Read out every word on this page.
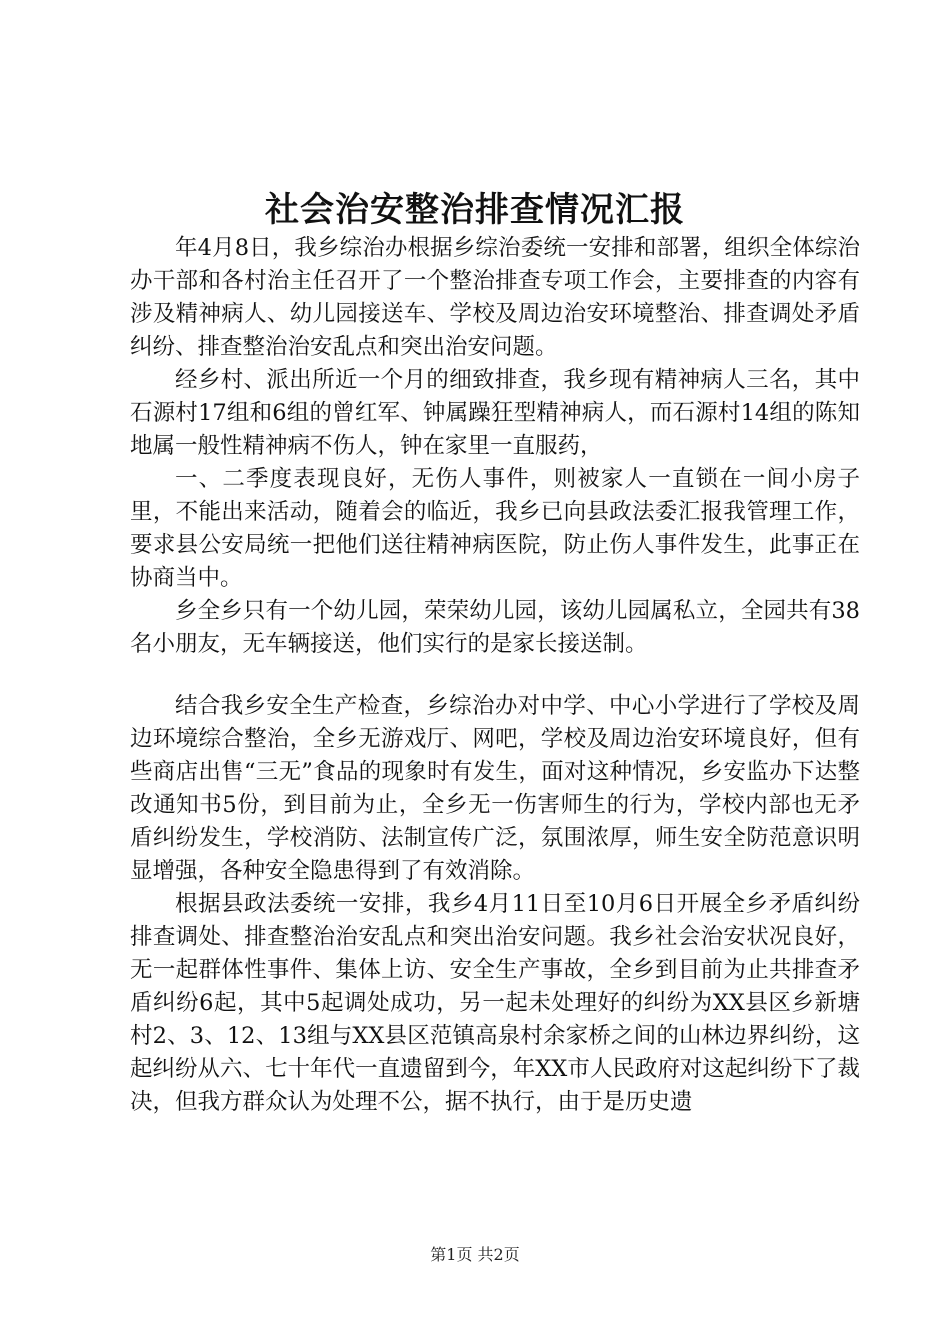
社会治安整治排查情况汇报

年4月8日，我乡综治办根据乡综治委统一安排和部署，组织全体综治办干部和各村治主任召开了一个整治排查专项工作会，主要排查的内容有涉及精神病人、幼儿园接送车、学校及周边治安环境整治、排查调处矛盾纠纷、排查整治治安乱点和突出治安问题。

经乡村、派出所近一个月的细致排查，我乡现有精神病人三名，其中石源村17组和6组的曾红军、钟属躁狂型精神病人，而石源村14组的陈知地属一般性精神病不伤人，钟在家里一直服药，

一、二季度表现良好，无伤人事件，则被家人一直锁在一间小房子里，不能出来活动，随着会的临近，我乡已向县政法委汇报我管理工作，要求县公安局统一把他们送往精神病医院，防止伤人事件发生，此事正在协商当中。

乡全乡只有一个幼儿园，荣荣幼儿园，该幼儿园属私立，全园共有38名小朋友，无车辆接送，他们实行的是家长接送制。

结合我乡安全生产检查，乡综治办对中学、中心小学进行了学校及周边环境综合整治，全乡无游戏厅、网吧，学校及周边治安环境良好，但有些商店出售“三无”食品的现象时有发生，面对这种情况，乡安监办下达整改通知书5份，到目前为止，全乡无一伤害师生的行为，学校内部也无矛盾纠纷发生，学校消防、法制宣传广泛，氛围浓厚，师生安全防范意识明显增强，各种安全隐患得到了有效消除。

根据县政法委统一安排，我乡4月11日至10月6日开展全乡矛盾纠纷排查调处、排查整治治安乱点和突出治安问题。我乡社会治安状况良好，无一起群体性事件、集体上访、安全生产事故，全乡到目前为止共排查矛盾纠纷6起，其中5起调处成功，另一起未处理好的纠纷为XX县区乡新塘村2、3、12、13组与XX县区范镇高泉村余家桥之间的山林边界纠纷，这起纠纷从六、七十年代一直遗留到今，年XX市人民政府对这起纠纷下了裁决，但我方群众认为处理不公，据不执行，由于是历史遗

第1页 共2页
